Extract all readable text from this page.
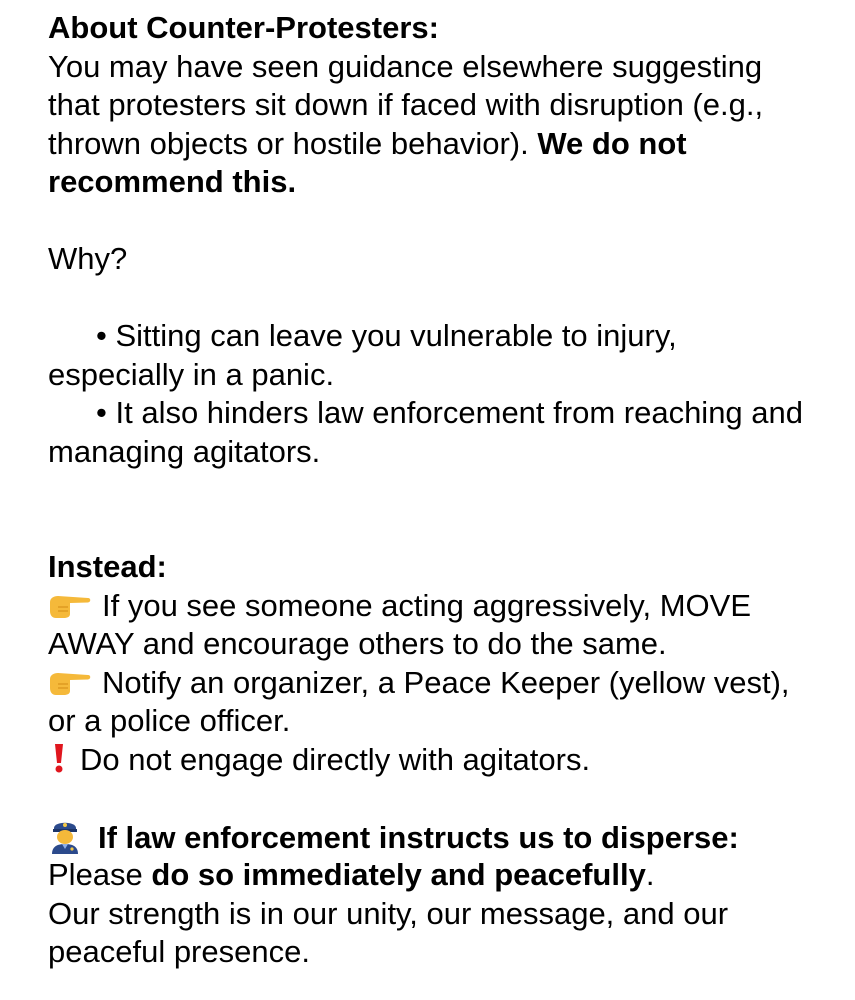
About Counter-Protesters:
You may have seen guidance elsewhere suggesting
that protesters sit down if faced with disruption (e.g.,
thrown objects or hostile behavior). We do not
recommend this.
Why?
• Sitting can leave you vulnerable to injury,
especially in a panic.
• It also hinders law enforcement from reaching and
managing agitators.
Instead:
If you see someone acting aggressively, MOVE
AWAY and encourage others to do the same.
Notify an organizer, a Peace Keeper (yellow vest),
or a police officer.
Do not engage directly with agitators.
If law enforcement instructs us to disperse:
Please do so immediately and peacefully.
Our strength is in our unity, our message, and our
peaceful presence.
